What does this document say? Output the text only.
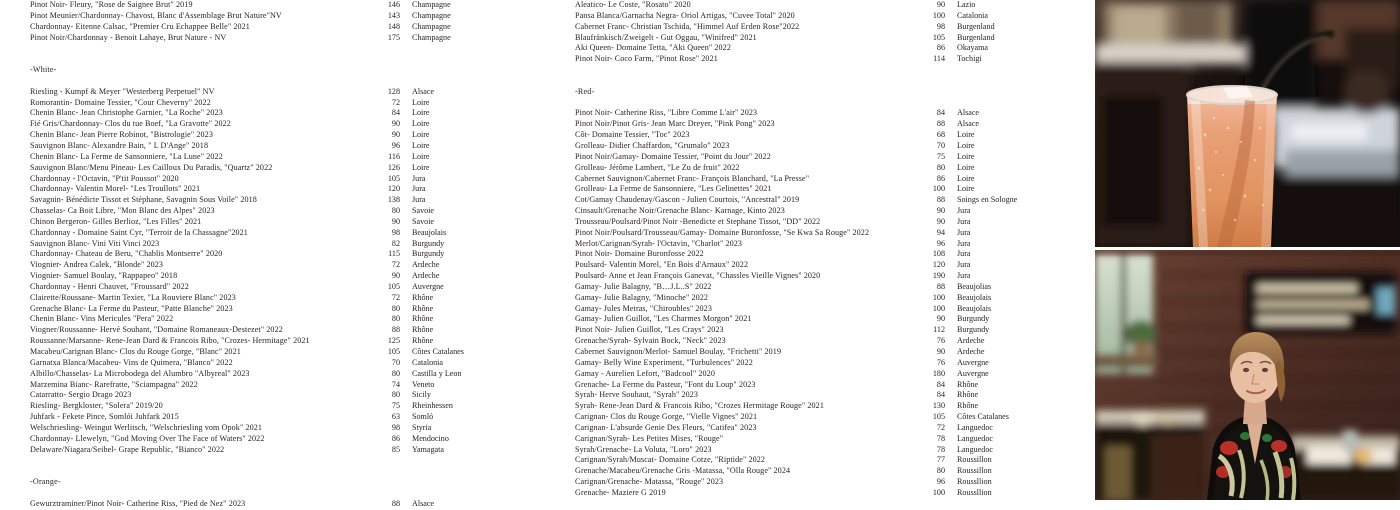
Pinot Noir- Fleury, "Rose de Saignee Brut" 2019	146 Champagne
Pinot Meunier/Chardonnay- Chavost, Blanc d'Assemblage Brut Nature"NV	143 Champagne
Chardonnay- Eitenne Calsac, "Premier Cru Echappee Belle" 2021	148 Champagne
Pinot Noir/Chardonnay - Benoit Lahaye, Brut Nature - NV	175 Champagne
-White-
Riesling - Kumpf & Meyer "Westerberg Perpetuel" NV	128 Alsace
Romorantin- Domaine Tessier, "Cour Cheverny" 2022	72 Loire
Chenin Blanc- Jean Christophe Garnier, "La Roche" 2023	84 Loire
Fié Gris/Chardonnay- Clos du tue Boef, "La Gravotte" 2022	90 Loire
Chenin Blanc- Jean Pierre Robinot, "Bistrologie" 2023	90 Loire
Sauvignon Blanc- Alexandre Bain, " L D'Ange" 2018	96 Loire
Chenin Blanc- La Ferme de Sansonniere, "La Lune" 2022	116 Loire
Sauvignon Blanc/Menu Pineau- Les Cailloux Du Paradis, "Quartz" 2022	126 Loire
Chardonnay - l'Octavin, "P'tit Poussot" 2020	105 Jura
Chardonnay- Valentin Morel- "Les Troullots" 2021	120 Jura
Savagnin- Bénédicte Tissot et Stéphane, Savagnin Sous Voile" 2018	138 Jura
Chasselas- Ca Boit Libre, "Mon Blanc des Alpes" 2023	80 Savoie
Chinon Bergeron- Gilles Berlioz, "Les Filles" 2021	90 Savoie
Chardonnay - Domaine Saint Cyr, "Terroir de la Chassagne"2021	98 Beaujolais
Sauvignon Blanc- Vini Viti Vinci 2023	82 Burgundy
Chardonnay- Chateau de Beru, "Chablis Montserre" 2020	115 Burgundy
Viognier- Andrea Calek, "Blonde" 2023	72 Ardeche
Viognier- Samuel Boulay, "Rappapeo" 2018	90 Ardeche
Chardonnay - Henri Chauvet, "Froussard" 2022	105 Auvergne
Clairette/Roussane- Martin Texier, "La Rouviere Blanc" 2023	72 Rhône
Grenache Blanc- La Ferme du Pasteur, "Patte Blanche" 2023	80 Rhône
Chenin Blanc- Vins Mericules "Pera" 2022	80 Rhône
Viogner/Roussanne- Hervé Souhant, "Domaine Romaneaux-Destezet" 2022	88 Rhône
Roussanne/Marsanne- Rene-Jean Dard & Francois Ribo, "Crozes- Hermitage" 2021	125 Rhône
Macabeu/Carignan Blanc- Clos du Rouge Gorge, "Blanc" 2021	105 Côtes Catalanes
Garnatxa Blanca/Macabeu- Vins de Quimera, "Blanco" 2022	70 Catalonia
Albillo/Chasselas- La Microbodega del Alumbro "Albyreal" 2023	80 Castilla y Leon
Marzemina Bianc- Rarefratte, "Sciampagna" 2022	74 Veneto
Catarratto- Sergio Drago 2023	80 Sicily
Riesling- Bergkloster, "Solera" 2019/20	75 Rheinhessen
Juhfark - Fekete Pince, Somlói Juhfark 2015	63 Somló
Welschriesling- Weingut Werlitsch, "Welschriesling vom Opok" 2021	98 Styria
Chardonnay- Llewelyn, "God Moving Over The Face of Waters" 2022	86 Mendocino
Delaware/Niagara/Seibel- Grape Republic, "Bianco" 2022	85 Yamagata
-Orange-
Gewurztraminer/Pinot Noir- Catherine Riss, "Pied de Nez" 2023	88 Alsace
Aleatico- Le Coste, "Rosato" 2020	90 Lazio
Pansa Blanca/Garnacha Negra- Oriol Artigas, "Cuvee Total" 2020	100 Catalonia
Cabernet Franc- Christian Tschida, "Himmel Auf Erden Rose"2022	98 Burgenland
Blaufränkisch/Zweigelt - Gut Oggau, "Winifred" 2021	105 Burgenland
Aki Queen- Domaine Tetta, "Aki Queen" 2022	86 Okayama
Pinot Noir- Coco Farm, "Pinot Rose" 2021	114 Tochigi
-Red-
Pinot Noir- Catherine Riss, "Libre Comme L'air" 2023	84 Alsace
Pinot Noir/Pinot Gris- Jean Marc Dreyer, "Pink Pong" 2023	88 Alsace
Côt- Domaine Tessier, "Toc" 2023	68 Loire
Grolleau- Didier Chaffardon, "Grumalo" 2023	70 Loire
Pinot Noir/Gamay- Domaine Tessier, "Point du Jour" 2022	75 Loire
Grolleau- Jérôme Lambert, "Le Zu de fruit" 2022	80 Loire
Cabernet Sauvignon/Cabernet Franc- François Blanchard, "La Presse"	86 Loire
Grolleau- La Ferme de Sansonniere, "Les Gelinettes" 2021	100 Loire
Cot/Gamay Chaudenay/Gascon - Julien Courtois, "Ancestral" 2019	88 Soings en Sologne
Cinsault/Grenache Noir/Grenache Blanc- Karnage, Kinto 2023	90 Jura
Trousseau/Poulsard/Pinot Noir -Benedicte et Stephane Tissot, "DD" 2022	90 Jura
Pinot Noir/Poulsard/Trousseau/Gamay- Domaine Buronfosse, "Se Kwa Sa Rouge" 2022	94 Jura
Merlot/Carignan/Syrah- l'Octavin, "Charlot" 2023	96 Jura
Pinot Noir- Domaine Buronfosse 2022	108 Jura
Poulsard- Valentin Morel, "En Bois d'Arnaux" 2022	120 Jura
Poulsard- Anne et Jean François Ganevat, "Chassles Vieille Vignes" 2020	190 Jura
Gamay- Julie Balagny, "B…J.L..S" 2022	88 Beaujolias
Gamay- Julie Balagny, "Minoche" 2022	100 Beaujolais
Gamay- Jules Metras, "Chiroubles" 2023	100 Beaujolais
Gamay- Julien Guillot, "Les Charmes Morgon" 2021	90 Burgundy
Pinot Noir- Julien Guillot, "Les Crays" 2023	112 Burgundy
Grenache/Syrah- Sylvain Bock, "Neck" 2023	76 Ardeche
Cabernet Sauvignon/Merlot- Samuel Boulay, "Frichetti" 2019	90 Ardeche
Gamay- Belly Wine Experiment, "Turbulences" 2022	76 Auvergne
Gamay - Aurelien Lefort, "Badcool" 2020	180 Auvergne
Grenache- La Ferme du Pasteur, "Font du Loup" 2023	84 Rhône
Syrah- Herve Souhaut, "Syrah" 2023	84 Rhône
Syrah- Rene-Jean Dard & Francois Ribo, "Crozes Hermitage Rouge" 2021	130 Rhône
Carignan- Clos du Rouge Gorge, "Vielle Vignes" 2021	105 Côtes Catalanes
Carignan- L'absurde Genie Des Fleurs, "Catifea" 2023	72 Languedoc
Carignan/Syrah- Les Petites Mises, "Rouge"	78 Languedoc
Syrah/Grenache- La Voluta, "Loro" 2023	78 Languedoc
Carignan/Syrah/Muscat- Domaine Cotze, "Riptide" 2022	77 Roussillon
Grenache/Macabeu/Grenache Gris -Matassa, "Olla Rouge" 2024	80 Roussillon
Carignan/Grenache- Matassa, "Rouge" 2023	96 Roussllion
Grenache- Maziere G 2019	100 Roussllion
